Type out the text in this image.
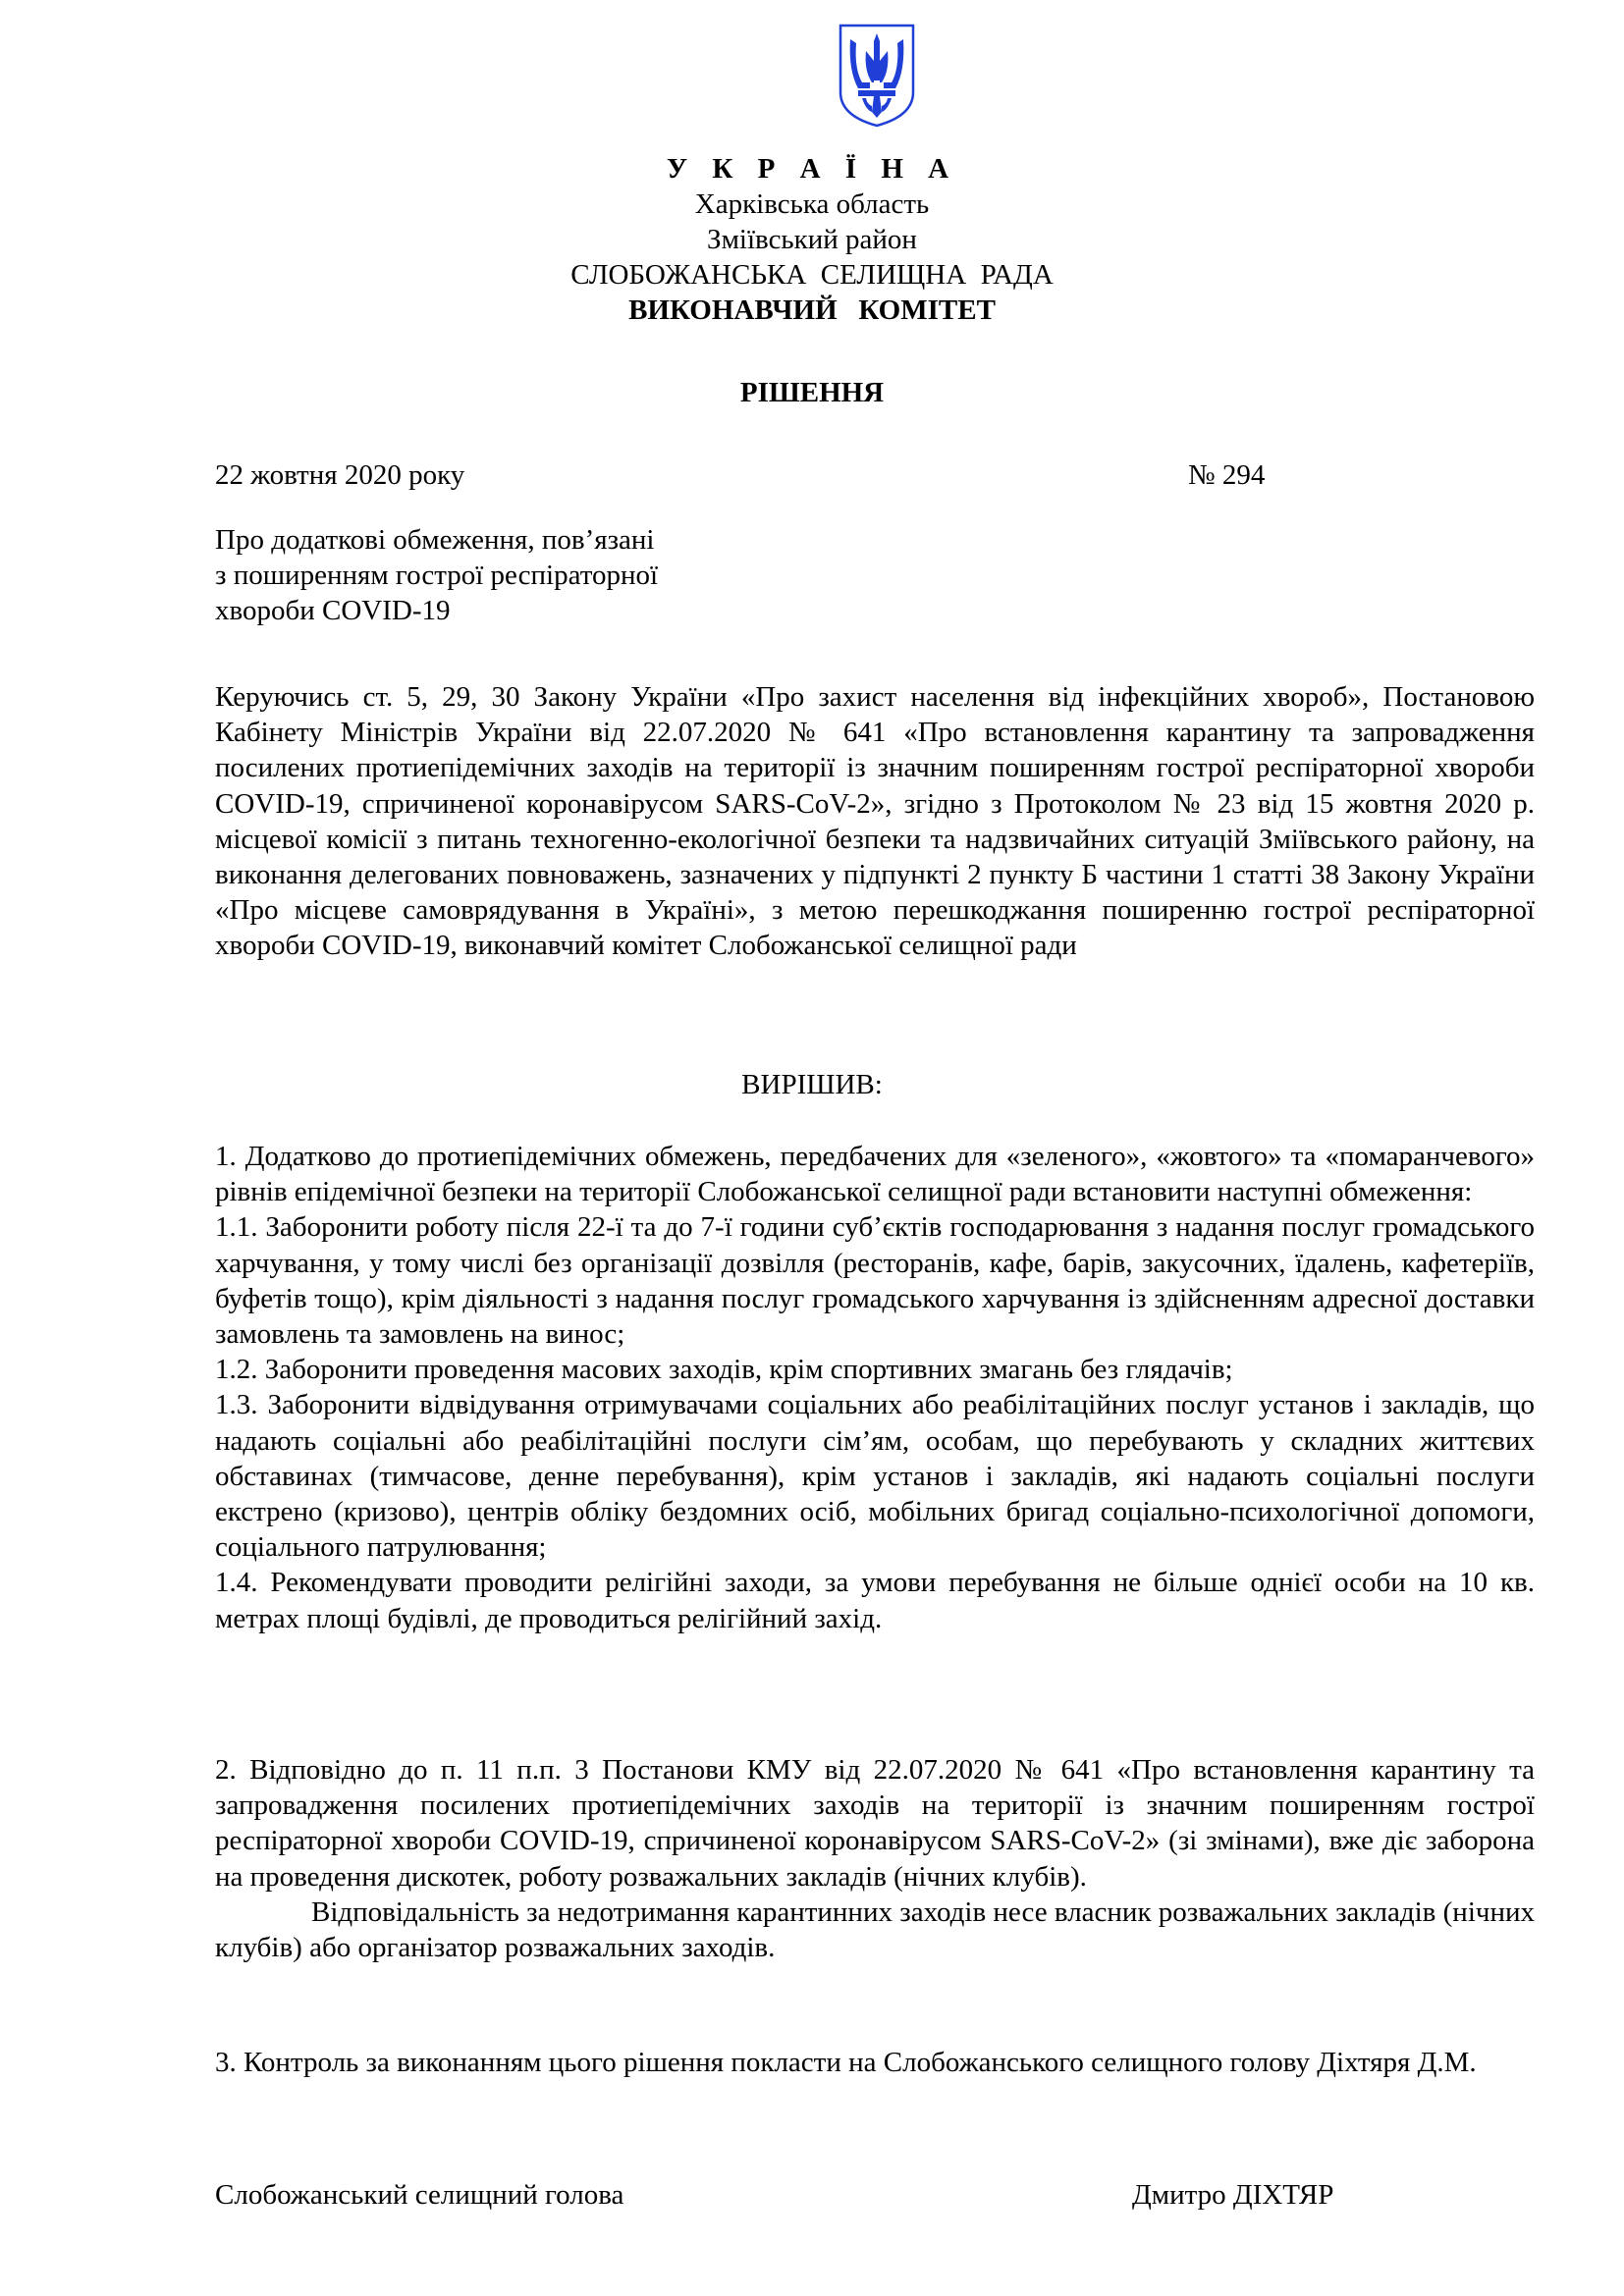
У К Р А Ї Н А
Харківська область
Зміївський район
СЛОБОЖАНСЬКА  СЕЛИЩНА  РАДА
ВИКОНАВЧИЙ   КОМІТЕТ
РІШЕННЯ
22 жовтня 2020 року	№ 294
Про додаткові обмеження, пов’язані
з поширенням гострої респіраторної
хвороби COVID-19

Керуючись ст. 5, 29, 30 Закону України «Про захист населення від інфекційних хвороб», Постановою Кабінету Міністрів України від 22.07.2020 № 641 «Про встановлення карантину та запровадження посилених протиепідемічних заходів на території із значним поширенням гострої респіраторної хвороби COVID-19, спричиненої коронавірусом SARS-CoV-2», згідно з Протоколом № 23 від 15 жовтня 2020 р. місцевої комісії з питань техногенно-екологічної безпеки та надзвичайних ситуацій Зміївського району, на виконання делегованих повноважень, зазначених у підпункті 2 пункту Б частини 1 статті 38 Закону України «Про місцеве самоврядування в Україні», з метою перешкоджання поширенню гострої респіраторної хвороби COVID-19, виконавчий комітет Слобожанської селищної ради

ВИРІШИВ:

1. Додатково до протиепідемічних обмежень, передбачених для «зеленого», «жовтого» та «помаранчевого» рівнів епідемічної безпеки на території Слобожанської селищної ради встановити наступні обмеження:

1.1. Заборонити роботу після 22-ї та до 7-ї години суб’єктів господарювання з надання послуг громадського харчування, у тому числі без організації дозвілля (ресторанів, кафе, барів, закусочних, їдалень, кафетеріїв, буфетів тощо), крім діяльності з надання послуг громадського харчування із здійсненням адресної доставки замовлень та замовлень на винос;

1.2. Заборонити проведення масових заходів, крім спортивних змагань без глядачів;

1.3. Заборонити відвідування отримувачами соціальних або реабілітаційних послуг установ і закладів, що надають соціальні або реабілітаційні послуги сім’ям, особам, що перебувають у складних життєвих обставинах (тимчасове, денне перебування), крім установ і закладів, які надають соціальні послуги екстрено (кризово), центрів обліку бездомних осіб, мобільних бригад соціально-психологічної допомоги, соціального патрулювання;

1.4. Рекомендувати проводити релігійні заходи, за умови перебування не більше однієї особи на 10 кв. метрах площі будівлі, де проводиться релігійний захід.

2. Відповідно до п. 11 п.п. 3 Постанови КМУ від 22.07.2020 № 641 «Про встановлення карантину та запровадження посилених протиепідемічних заходів на території із значним поширенням гострої респіраторної хвороби COVID-19, спричиненої коронавірусом SARS-CoV-2» (зі змінами), вже діє заборона на проведення дискотек, роботу розважальних закладів (нічних клубів).

Відповідальність за недотримання карантинних заходів несе власник розважальних закладів (нічних клубів) або організатор розважальних заходів.

3. Контроль за виконанням цього рішення покласти на Слобожанського селищного голову Діхтяря Д.М.

Слобожанський селищний голова	Дмитро ДІХТЯР
